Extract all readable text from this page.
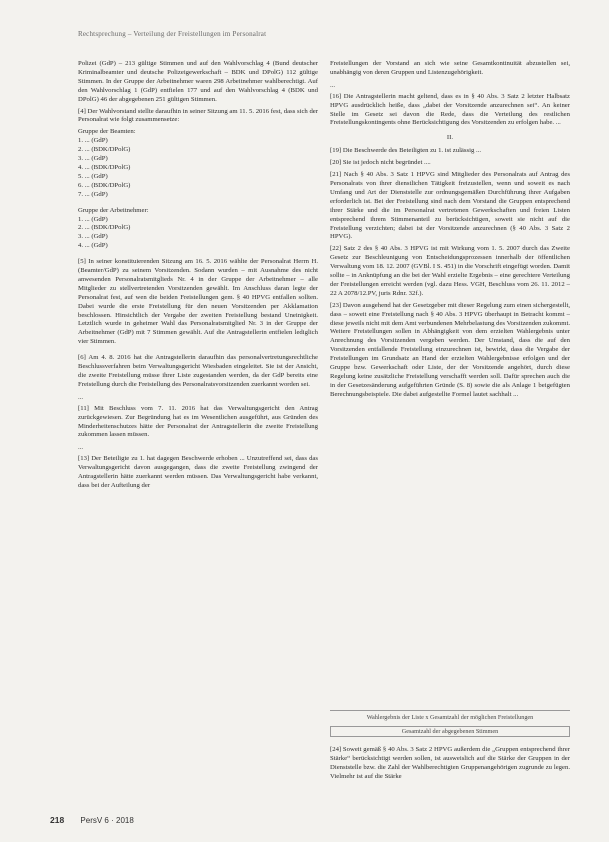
Rechtsprechung – Verteilung der Freistellungen im Personalrat

Polizei (GdP) – 213 gültige Stimmen und auf den Wahlvorschlag 4 (Bund deutscher Kriminalbeamter und deutsche Polizeigewerkschaft – BDK und DPolG) 112 gültige Stimmen. In der Gruppe der Arbeitnehmer waren 298 Arbeitnehmer wahlberechtigt. Auf den Wahlvorschlag 1 (GdP) entfielen 177 und auf den Wahlvorschlag 4 (BDK und DPolG) 46 der abgegebenen 251 gültigen Stimmen.

[4] Der Wahlvorstand stellte daraufhin in seiner Sitzung am 11. 5. 2016 fest, dass sich der Personalrat wie folgt zusammensetze:

Gruppe der Beamten:
1. ... (GdP)
2. ... (BDK/DPolG)
3. ... (GdP)
4. ... (BDK/DPolG)
5. ... (GdP)
6. ... (BDK/DPolG)
7. ... (GdP)
Gruppe der Arbeitnehmer:
1. ... (GdP)
2. ... (BDK/DPolG)
3. ... (GdP)
4. ... (GdP)

[5] In seiner konstituierenden Sitzung am 16. 5. 2016 wählte der Personalrat Herrn H. (Beamter/GdP) zu seinem Vorsitzenden. Sodann wurden – mit Ausnahme des nicht anwesenden Personalratsmitglieds Nr. 4 in der Gruppe der Arbeitnehmer – alle Mitglieder zu stellvertretenden Vorsitzenden gewählt. Im Anschluss daran legte der Personalrat fest, auf wen die beiden Freistellungen gem. § 40 HPVG entfallen sollten. Dabei wurde die erste Freistellung für den neuen Vorsitzenden per Akklamation beschlossen. Hinsichtlich der Vergabe der zweiten Freistellung bestand Uneinigkeit. Letztlich wurde in geheimer Wahl das Personalratsmitglied Nr. 3 in der Gruppe der Arbeitnehmer (GdP) mit 7 Stimmen gewählt. Auf die Antragstellerin entfielen lediglich vier Stimmen.

[6] Am 4. 8. 2016 hat die Antragstellerin daraufhin das personalvertretungsrechtliche Beschlussverfahren beim Verwaltungsgericht Wiesbaden eingeleitet. Sie ist der Ansicht, die zweite Freistellung müsse ihrer Liste zugestanden werden, da der GdP bereits eine Freistellung durch die Freistellung des Personalratsvorsitzenden zuerkannt worden sei.

...

[11] Mit Beschluss vom 7. 11. 2016 hat das Verwaltungsgericht den Antrag zurückgewiesen. Zur Begründung hat es im Wesentlichen ausgeführt, aus Gründen des Minderheitenschutzes hätte der Personalrat der Antragstellerin die zweite Freistellung zukommen lassen müssen.

...

[13] Der Beteiligte zu 1. hat dagegen Beschwerde erhoben ... Unzutreffend sei, dass das Verwaltungsgericht davon ausgegangen, dass die zweite Freistellung zwingend der Antragstellerin hätte zuerkannt werden müssen. Das Verwaltungsgericht habe verkannt, dass bei der Aufteilung der

Freistellungen der Vorstand an sich wie seine Gesamtkontinuität abzustellen sei, unabhängig von deren Gruppen und Listenzugehörigkeit.

...

[16] Die Antragstellerin macht geltend, dass es in § 40 Abs. 3 Satz 2 letzter Halbsatz HPVG ausdrücklich heiße, dass „dabei der Vorsitzende anzurechnen sei“. An keiner Stelle im Gesetz sei davon die Rede, dass die Verteilung des restlichen Freistellungskontingents ohne Berücksichtigung des Vorsitzenden zu erfolgen habe. ...

II.

[19] Die Beschwerde des Beteiligten zu 1. ist zulässig ...

[20] Sie ist jedoch nicht begründet ....

[21] Nach § 40 Abs. 3 Satz 1 HPVG sind Mitglieder des Personalrats auf Antrag des Personalrats von ihrer dienstlichen Tätigkeit freizustellen, wenn und soweit es nach Umfang und Art der Dienststelle zur ordnungsgemäßen Durchführung ihrer Aufgaben erforderlich ist. Bei der Freistellung sind nach dem Vorstand die Gruppen entsprechend ihrer Stärke und die im Personalrat vertretenen Gewerkschaften und freien Listen entsprechend ihrem Stimmenanteil zu berücksichtigen, soweit sie nicht auf die Freistellung verzichten; dabei ist der Vorsitzende anzurechnen (§ 40 Abs. 3 Satz 2 HPVG).

[22] Satz 2 des § 40 Abs. 3 HPVG ist mit Wirkung vom 1. 5. 2007 durch das Zweite Gesetz zur Beschleunigung von Entscheidungsprozessen innerhalb der öffentlichen Verwaltung vom 18. 12. 2007 (GVBl. I S. 451) in die Vorschrift eingefügt worden. Damit sollte – in Anknüpfung an die bei der Wahl erzielte Ergebnis – eine gerechtere Verteilung der Freistellungen erreicht werden (vgl. dazu Hess. VGH, Beschluss vom 26. 11. 2012 – 22 A 2078/12.PV, juris Rdnr. 32f.).

[23] Davon ausgehend hat der Gesetzgeber mit dieser Regelung zum einen sichergestellt, dass – soweit eine Freistellung nach § 40 Abs. 3 HPVG überhaupt in Betracht kommt – diese jeweils nicht mit dem Amt verbundenen Mehrbelastung des Vorsitzenden zukommt. Weitere Freistellungen sollen in Abhängigkeit von dem erzielten Wahlergebnis unter Anrechnung des Vorsitzenden vergeben werden. Der Umstand, dass die auf den Vorsitzenden entfallende Freistellung einzurechnen ist, bewirkt, dass die Vergabe der Freistellungen im Grundsatz an Hand der erzielten Wahlergebnisse erfolgen und der Gruppe bzw. Gewerkschaft oder Liste, der der Vorsitzende angehört, durch diese Regelung keine zusätzliche Freistellung verschafft werden soll. Dafür sprechen auch die in der Gesetzesänderung aufgeführten Gründe (S. 8) sowie die als Anlage 1 beigefügten Berechnungsbeispiele. Die dabei aufgestellte Formel lautet sachhalt ...

Wahlergebnis der Liste x Gesamtzahl der möglichen Freistellungen
Gesamtzahl der abgegebenen Stimmen

[24] Soweit gemäß § 40 Abs. 3 Satz 2 HPVG außerdem die „Gruppen entsprechend ihrer Stärke“ berücksichtigt werden sollen, ist ausweislich auf die Stärke der Gruppen in der Dienststelle bzw. die Zahl der Wahlberechtigten Gruppenangehörigen zugrunde zu legen. Vielmehr ist auf die Stärke

218 PersV 6 · 2018
